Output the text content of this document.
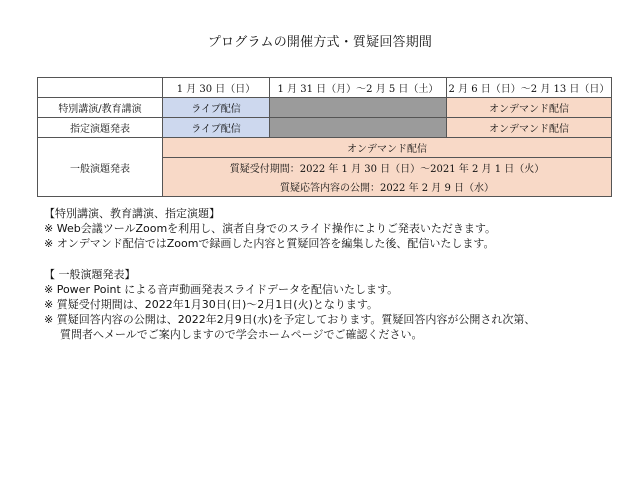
プログラムの開催方式・質疑回答期間
	1 月 30 日（日）	1 月 31 日（月）～2 月 5 日（土）	2 月 6 日（日）～2 月 13 日（日）
特別講演/教育講演	ライブ配信		オンデマンド配信
指定演題発表	ライブ配信		オンデマンド配信
一般演題発表	オンデマンド配信		
	質疑受付期間：2022 年 1 月 30 日（日）～2021 年 2 月 1 日（火）		
	質疑応答内容の公開：2022 年 2 月 9 日（水）		

【特別講演、教育講演、指定演題】

※ Web会議ツールZoomを利用し、演者自身でのスライド操作によりご発表いただきます。

※ オンデマンド配信ではZoomで録画した内容と質疑回答を編集した後、配信いたします。

【 一般演題発表】

※ Power Point による音声動画発表スライドデータを配信いたします。

※ 質疑受付期間は、2022年1月30日(日)～2月1日(火)となります。

※ 質疑回答内容の公開は、2022年2月9日(水)を予定しております。質疑回答内容が公開され次第、

質問者へメールでご案内しますので学会ホームページでご確認ください。
